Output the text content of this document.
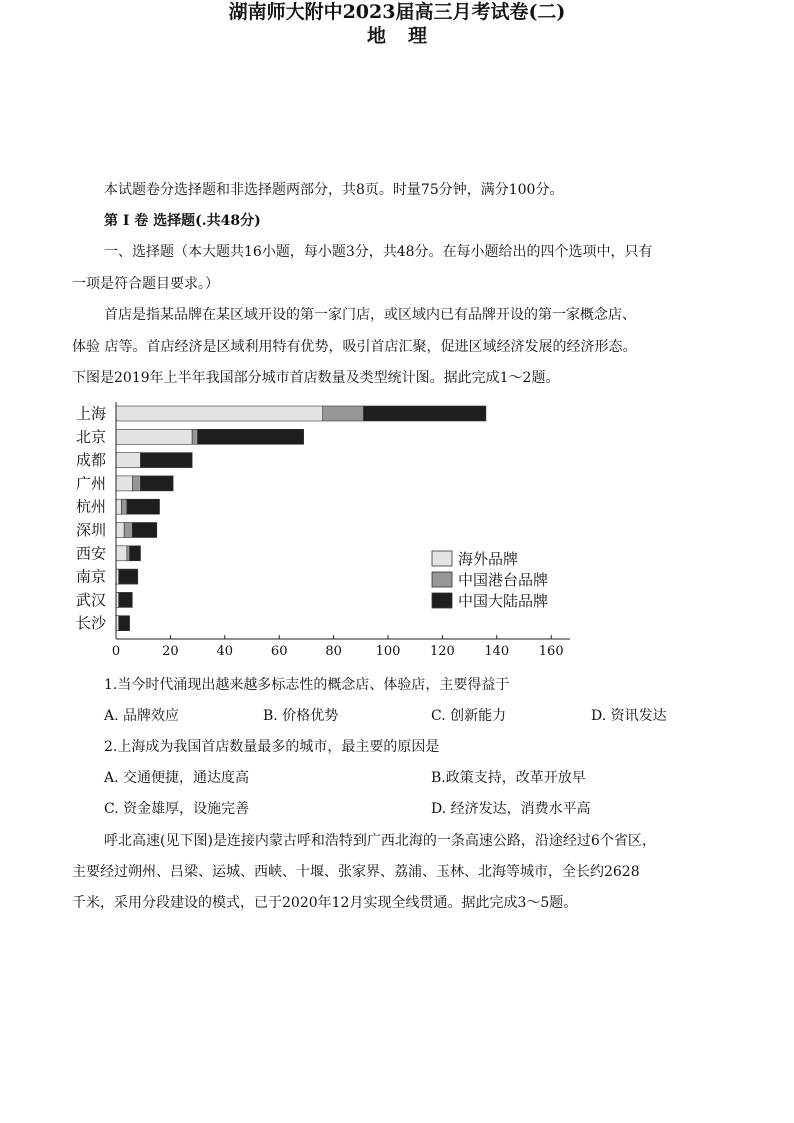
湖南师大附中2023届高三月考试卷(二)
地理
本试题卷分选择题和非选择题两部分，共8页。时量75分钟，满分100分。
第 I 卷 选择题(.共48分)
一、选择题（本大题共16小题，每小题3分，共48分。在每小题给出的四个选项中，只有
一项是符合题目要求。）
首店是指某品牌在某区域开设的第一家门店，或区域内已有品牌开设的第一家概念店、
体验 店等。首店经济是区域利用特有优势，吸引首店汇聚，促进区域经济发展的经济形态。
下图是2019年上半年我国部分城市首店数量及类型统计图。据此完成1～2题。
上海
北京
成都
广州
杭州
深圳
西安
南京
武汉
长沙
0	20	40	60	80	100 120 140 160
海外品牌
中国港台品牌
中国大陆品牌
1.当今时代涌现出越来越多标志性的概念店、体验店，主要得益于
A. 品牌效应	B. 价格优势	C. 创新能力	D. 资讯发达
2.上海成为我国首店数量最多的城市，最主要的原因是
A. 交通便捷，通达度高	B.政策支持，改革开放早
C. 资金雄厚，设施完善	D. 经济发达，消费水平高
呼北高速(见下图)是连接内蒙古呼和浩特到广西北海的一条高速公路，沿途经过6个省区，
主要经过朔州、吕梁、运城、西峡、十堰、张家界、荔浦、玉林、北海等城市，全长约2628
千米，采用分段建设的模式，已于2020年12月实现全线贯通。据此完成3～5题。
